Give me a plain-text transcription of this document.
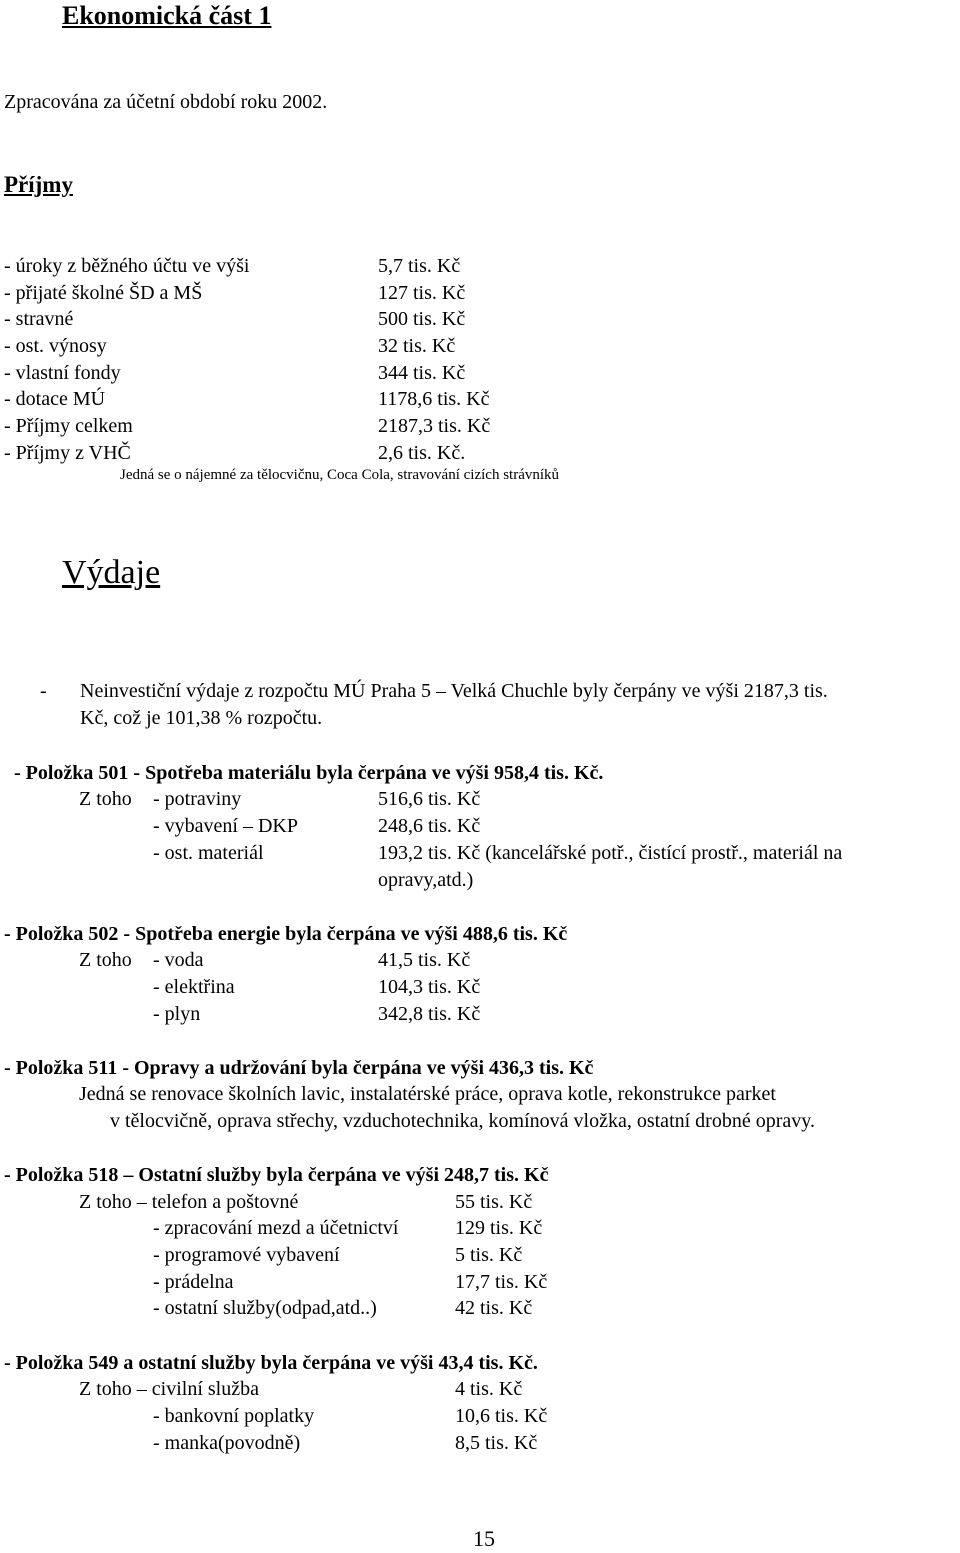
Ekonomická část 1
Zpracována za účetní období roku 2002.
Příjmy
- úroky z běžného účtu ve výši	5,7 tis. Kč
- přijaté školné ŠD a MŠ	127 tis. Kč
- stravné	500 tis. Kč
- ost. výnosy	32 tis. Kč
- vlastní fondy	344 tis. Kč
- dotace MÚ	1178,6 tis. Kč
- Příjmy celkem	2187,3 tis. Kč
- Příjmy z VHČ	2,6 tis. Kč.
Jedná se o nájemné za tělocvičnu, Coca Cola, stravování cizích strávníků
Výdaje
- Neinvestiční výdaje z rozpočtu MÚ Praha 5 – Velká Chuchle byly čerpány ve výši 2187,3 tis.
Kč, což je 101,38 % rozpočtu.
- Položka 501 - Spotřeba materiálu byla čerpána ve výši 958,4 tis. Kč.
Z toho - potraviny	516,6 tis. Kč
- vybavení – DKP	248,6 tis. Kč
- ost. materiál	193,2 tis. Kč (kancelářské potř., čistící prostř., materiál na
opravy,atd.)
- Položka 502 - Spotřeba energie byla čerpána ve výši 488,6 tis. Kč
Z toho - voda	41,5 tis. Kč
- elektřina	104,3 tis. Kč
- plyn	342,8 tis. Kč
- Položka 511 - Opravy a udržování byla čerpána ve výši 436,3 tis. Kč
Jedná se renovace školních lavic, instalatérské práce, oprava kotle, rekonstrukce parket
v tělocvičně, oprava střechy, vzduchotechnika, komínová vložka, ostatní drobné opravy.
- Položka 518 – Ostatní služby byla čerpána ve výši 248,7 tis. Kč
Z toho – telefon a poštovné	55 tis. Kč
- zpracování mezd a účetnictví	129 tis. Kč
- programové vybavení	5 tis. Kč
- prádelna	17,7 tis. Kč
- ostatní služby(odpad,atd..)	42 tis. Kč
- Položka 549 a ostatní služby byla čerpána ve výši 43,4 tis. Kč.
Z toho – civilní služba	4 tis. Kč
- bankovní poplatky	10,6 tis. Kč
- manka(povodně)	8,5 tis. Kč
15
